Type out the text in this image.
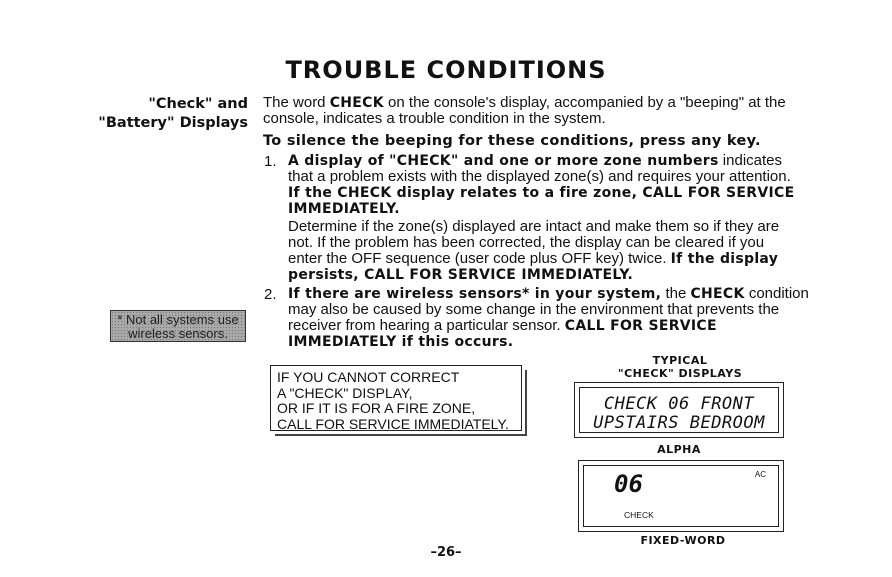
TROUBLE CONDITIONS
"Check" and
"Battery" Displays
The word CHECK on the console's display, accompanied by a "beeping" at the
console, indicates a trouble condition in the system.
To silence the beeping for these conditions, press any key.
1. A display of "CHECK" and one or more zone numbers indicates
that a problem exists with the displayed zone(s) and requires your attention.
If the CHECK display relates to a fire zone, CALL FOR SERVICE
IMMEDIATELY.
Determine if the zone(s) displayed are intact and make them so if they are
not. If the problem has been corrected, the display can be cleared if you
enter the OFF sequence (user code plus OFF key) twice. If the display
persists, CALL FOR SERVICE IMMEDIATELY.
2. If there are wireless sensors* in your system, the CHECK condition
may also be caused by some change in the environment that prevents the
receiver from hearing a particular sensor. CALL FOR SERVICE
IMMEDIATELY if this occurs.
* Not all systems use
wireless sensors.
IF YOU CANNOT CORRECT
A "CHECK" DISPLAY,
OR IF IT IS FOR A FIRE ZONE,
CALL FOR SERVICE IMMEDIATELY.
TYPICAL
"CHECK" DISPLAYS
CHECK 06 FRONT
UPSTAIRS BEDROOM
ALPHA
06	AC
CHECK
FIXED-WORD
–26–
